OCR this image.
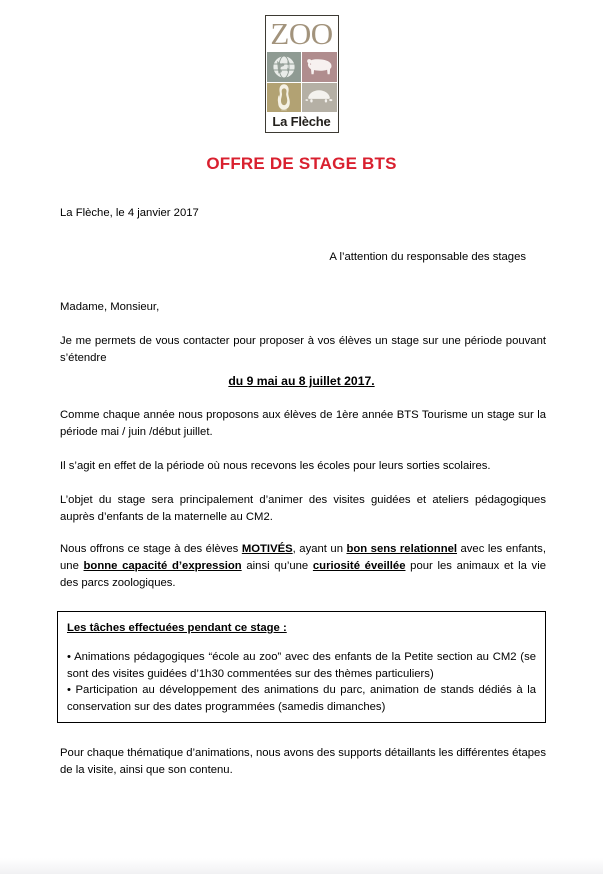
ZOO
La Flèche
OFFRE DE STAGE BTS
La Flèche, le 4 janvier 2017
A l’attention du responsable des stages
Madame, Monsieur,

Je me permets de vous contacter pour proposer à vos élèves un stage sur une période pouvant s’étendre

du 9 mai au 8 juillet 2017.

Comme chaque année nous proposons aux élèves de 1ère année BTS Tourisme un stage sur la période mai / juin /début juillet.

Il s’agit en effet de la période où nous recevons les écoles pour leurs sorties scolaires.

L’objet du stage sera principalement d’animer des visites guidées et ateliers pédagogiques auprès d’enfants de la maternelle au CM2.

Nous offrons ce stage à des élèves MOTIVÉS, ayant un bon sens relationnel avec les enfants, une bonne capacité d’expression ainsi qu’une curiosité éveillée pour les animaux et la vie des parcs zoologiques.

Les tâches effectuées pendant ce stage :

• Animations pédagogiques “école au zoo” avec des enfants de la Petite section au CM2 (se sont des visites guidées d’1h30 commentées sur des thèmes particuliers)

• Participation au développement des animations du parc, animation de stands dédiés à la conservation sur des dates programmées (samedis dimanches)

Pour chaque thématique d’animations, nous avons des supports détaillants les différentes étapes de la visite, ainsi que son contenu.
